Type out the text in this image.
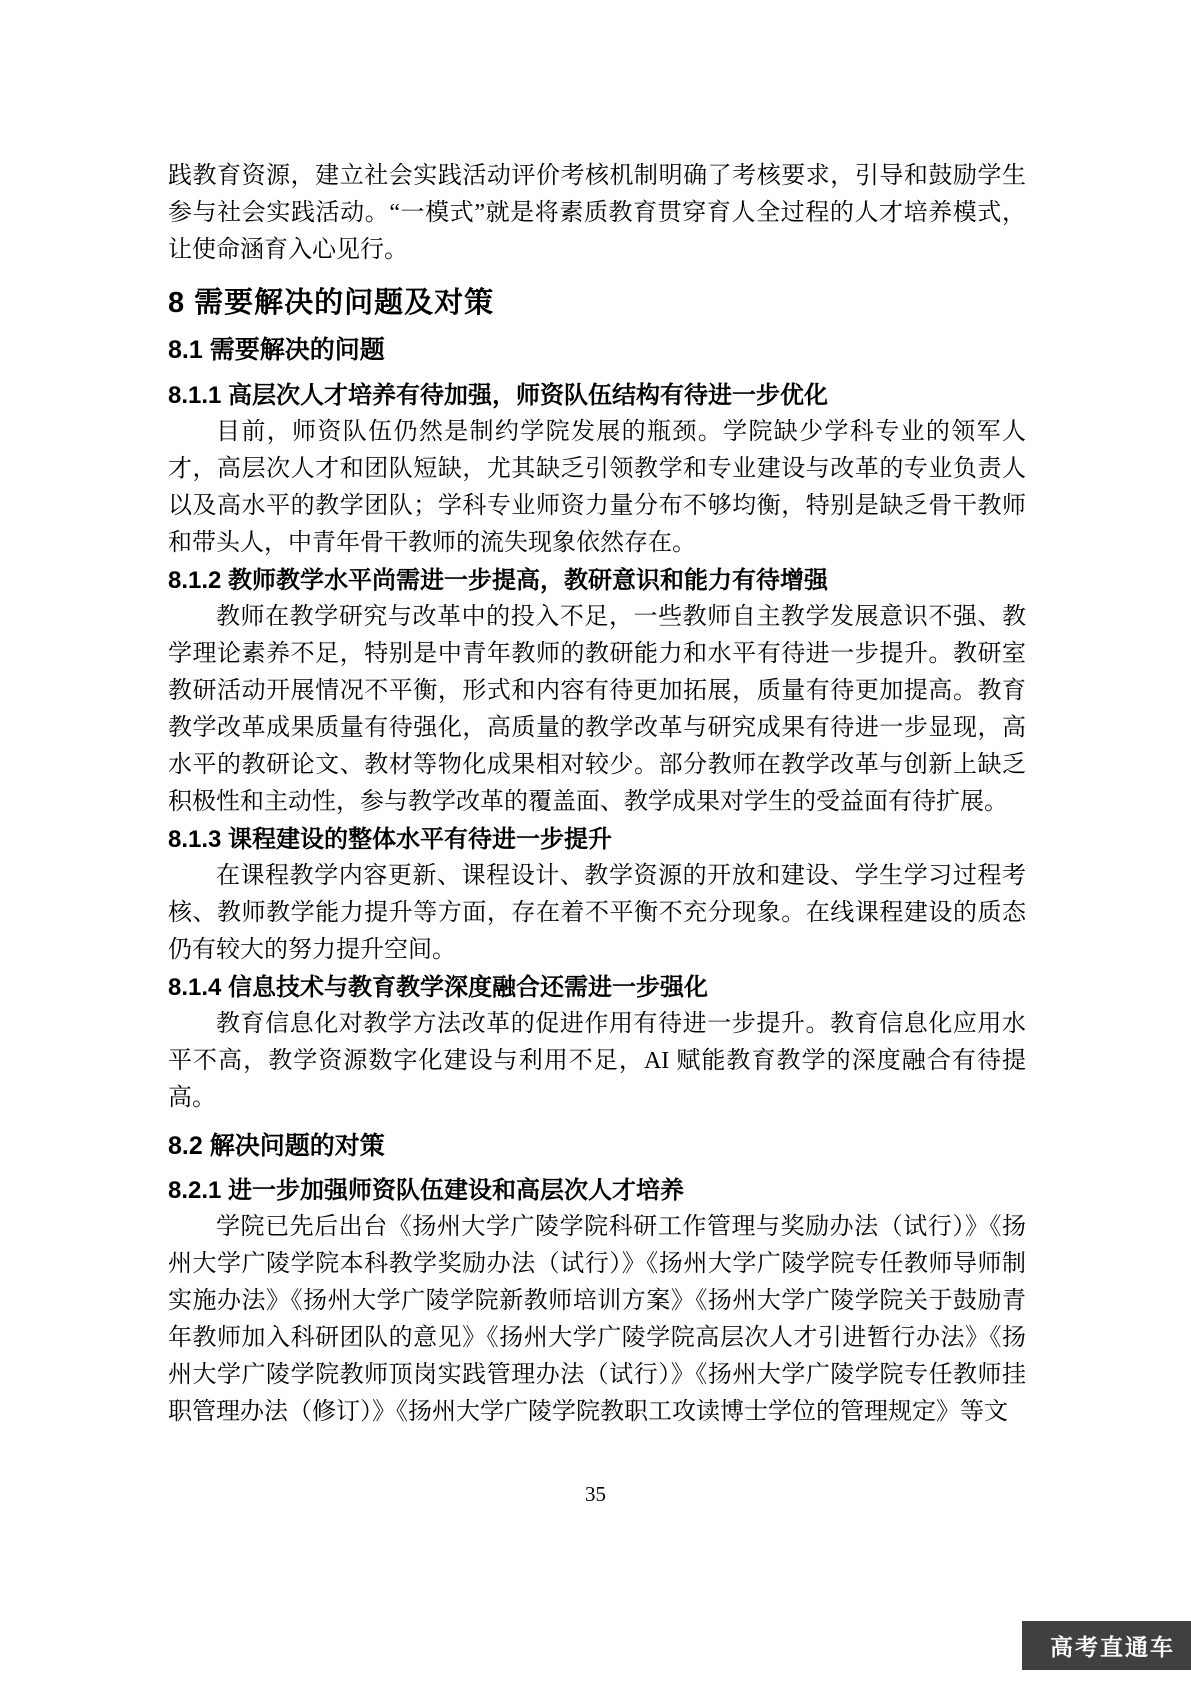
践教育资源，建立社会实践活动评价考核机制明确了考核要求，引导和鼓励学生参与社会实践活动。“一模式”就是将素质教育贯穿育人全过程的人才培养模式，让使命涵育入心见行。

8 需要解决的问题及对策
8.1 需要解决的问题
8.1.1 高层次人才培养有待加强，师资队伍结构有待进一步优化

目前，师资队伍仍然是制约学院发展的瓶颈。学院缺少学科专业的领军人才，高层次人才和团队短缺，尤其缺乏引领教学和专业建设与改革的专业负责人以及高水平的教学团队；学科专业师资力量分布不够均衡，特别是缺乏骨干教师和带头人，中青年骨干教师的流失现象依然存在。

8.1.2 教师教学水平尚需进一步提高，教研意识和能力有待增强

教师在教学研究与改革中的投入不足，一些教师自主教学发展意识不强、教学理论素养不足，特别是中青年教师的教研能力和水平有待进一步提升。教研室教研活动开展情况不平衡，形式和内容有待更加拓展，质量有待更加提高。教育教学改革成果质量有待强化，高质量的教学改革与研究成果有待进一步显现，高水平的教研论文、教材等物化成果相对较少。部分教师在教学改革与创新上缺乏积极性和主动性，参与教学改革的覆盖面、教学成果对学生的受益面有待扩展。

8.1.3 课程建设的整体水平有待进一步提升

在课程教学内容更新、课程设计、教学资源的开放和建设、学生学习过程考核、教师教学能力提升等方面，存在着不平衡不充分现象。在线课程建设的质态仍有较大的努力提升空间。

8.1.4 信息技术与教育教学深度融合还需进一步强化

教育信息化对教学方法改革的促进作用有待进一步提升。教育信息化应用水平不高，教学资源数字化建设与利用不足，AI 赋能教育教学的深度融合有待提高。

8.2 解决问题的对策
8.2.1 进一步加强师资队伍建设和高层次人才培养

学院已先后出台《扬州大学广陵学院科研工作管理与奖励办法（试行）》《扬州大学广陵学院本科教学奖励办法（试行）》《扬州大学广陵学院专任教师导师制实施办法》《扬州大学广陵学院新教师培训方案》《扬州大学广陵学院关于鼓励青年教师加入科研团队的意见》《扬州大学广陵学院高层次人才引进暂行办法》《扬州大学广陵学院教师顶岗实践管理办法（试行）》《扬州大学广陵学院专任教师挂职管理办法（修订）》《扬州大学广陵学院教职工攻读博士学位的管理规定》等文

35
高考直通车
